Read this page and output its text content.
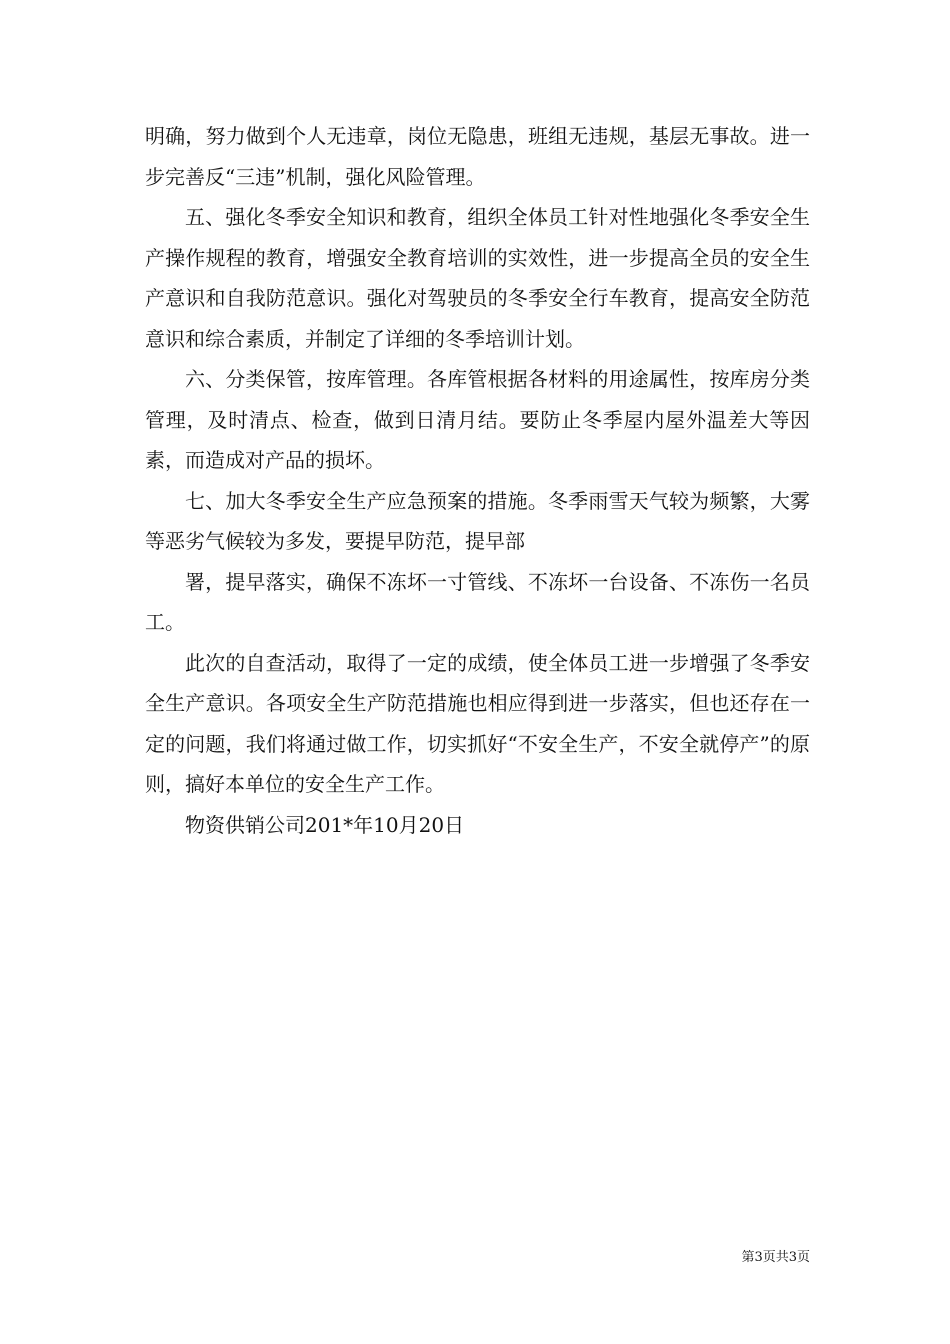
明确，努力做到个人无违章，岗位无隐患，班组无违规，基层无事故。进一步完善反“三违”机制，强化风险管理。

五、强化冬季安全知识和教育，组织全体员工针对性地强化冬季安全生产操作规程的教育，增强安全教育培训的实效性，进一步提高全员的安全生产意识和自我防范意识。强化对驾驶员的冬季安全行车教育，提高安全防范意识和综合素质，并制定了详细的冬季培训计划。

六、分类保管，按库管理。各库管根据各材料的用途属性，按库房分类管理，及时清点、检查，做到日清月结。要防止冬季屋内屋外温差大等因素，而造成对产品的损坏。

七、加大冬季安全生产应急预案的措施。冬季雨雪天气较为频繁，大雾等恶劣气候较为多发，要提早防范，提早部

署，提早落实，确保不冻坏一寸管线、不冻坏一台设备、不冻伤一名员工。

此次的自查活动，取得了一定的成绩，使全体员工进一步增强了冬季安全生产意识。各项安全生产防范措施也相应得到进一步落实，但也还存在一定的问题，我们将通过做工作，切实抓好“不安全生产，不安全就停产”的原则，搞好本单位的安全生产工作。

物资供销公司201*年10月20日

第3页共3页
